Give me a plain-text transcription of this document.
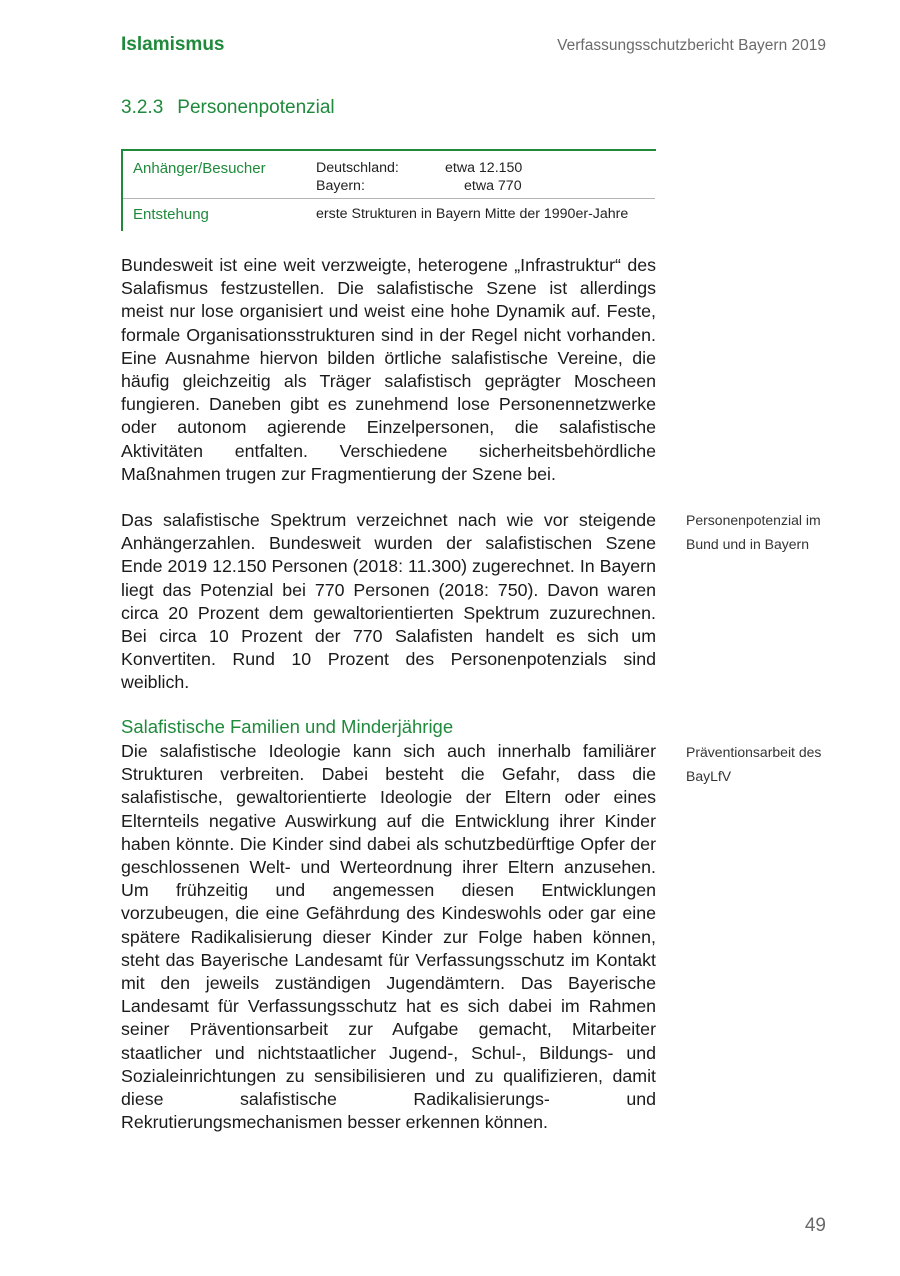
Islamismus	Verfassungsschutzbericht Bayern 2019
3.2.3 Personenpotenzial
Anhänger/Besucher	Deutschland:	etwa 12.150
Bayern:	etwa 770
Entstehung	erste Strukturen in Bayern Mitte der 1990er-Jahre

Bundesweit ist eine weit verzweigte, heterogene „Infrastruktur“ des Salafismus festzustellen. Die salafistische Szene ist allerdings meist nur lose organisiert und weist eine hohe Dynamik auf. Feste, formale Organisationsstrukturen sind in der Regel nicht vorhanden. Eine Ausnahme hiervon bilden örtliche salafistische Vereine, die häufig gleichzeitig als Träger salafistisch geprägter Moscheen fungieren. Daneben gibt es zunehmend lose Personennetzwerke oder autonom agierende Einzelpersonen, die salafistische Aktivitäten entfalten. Verschiedene sicherheitsbehördliche Maßnahmen trugen zur Fragmentierung der Szene bei.

Das salafistische Spektrum verzeichnet nach wie vor steigende Anhängerzahlen. Bundesweit wurden der salafistischen Szene Ende 2019 12.150 Personen (2018: 11.300) zugerechnet. In Bayern liegt das Potenzial bei 770 Personen (2018: 750). Davon waren circa 20 Prozent dem gewaltorientierten Spektrum zuzurechnen. Bei circa 10 Prozent der 770 Salafisten handelt es sich um Konvertiten. Rund 10 Prozent des Personenpotenzials sind weiblich.

Personenpotenzial im Bund und in Bayern
Salafistische Familien und Minderjährige

Die salafistische Ideologie kann sich auch innerhalb familiärer Strukturen verbreiten. Dabei besteht die Gefahr, dass die salafistische, gewaltorientierte Ideologie der Eltern oder eines Elternteils negative Auswirkung auf die Entwicklung ihrer Kinder haben könnte. Die Kinder sind dabei als schutzbedürftige Opfer der geschlossenen Welt- und Werteordnung ihrer Eltern anzusehen. Um frühzeitig und angemessen diesen Entwicklungen vorzubeugen, die eine Gefährdung des Kindeswohls oder gar eine spätere Radikalisierung dieser Kinder zur Folge haben können, steht das Bayerische Landesamt für Verfassungsschutz im Kontakt mit den jeweils zuständigen Jugendämtern. Das Bayerische Landesamt für Verfassungsschutz hat es sich dabei im Rahmen seiner Präventionsarbeit zur Aufgabe gemacht, Mitarbeiter staatlicher und nichtstaatlicher Jugend-, Schul-, Bildungs- und Sozialeinrichtungen zu sensibilisieren und zu qualifizieren, damit diese salafistische Radikalisierungs- und Rekrutierungsmechanismen besser erkennen können.

Präventionsarbeit des BayLfV
49
